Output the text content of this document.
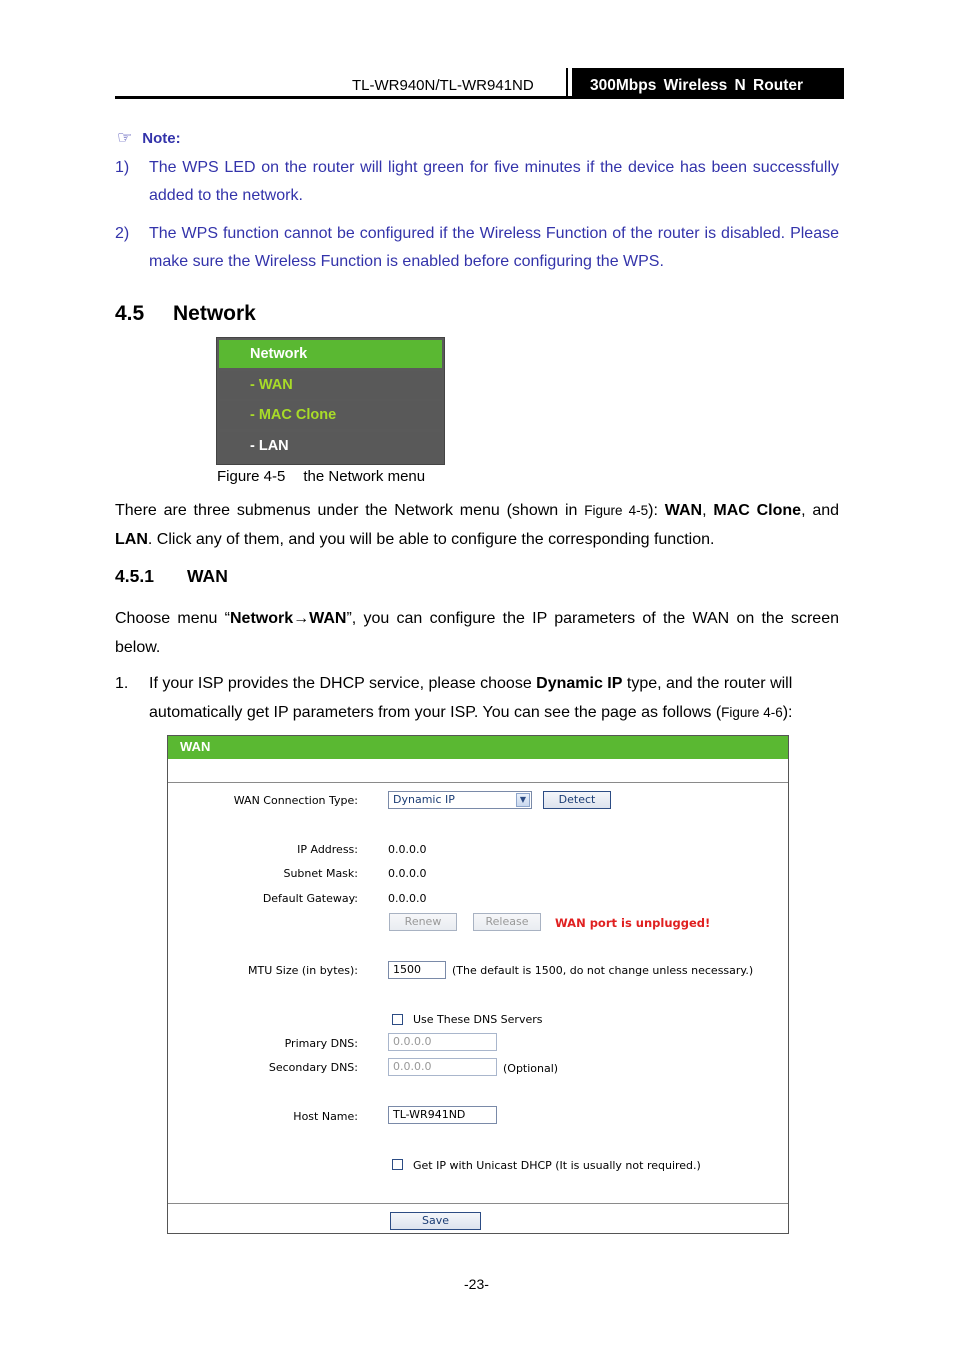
TL-WR940N/TL-WR941ND	300Mbps Wireless N Router
☞ Note:
1) The WPS LED on the router will light green for five minutes if the device has been successfully added to the network.
2) The WPS function cannot be configured if the Wireless Function of the router is disabled. Please make sure the Wireless Function is enabled before configuring the WPS.
4.5 Network
Network
- WAN
- MAC Clone
- LAN
Figure 4-5 the Network menu
There are three submenus under the Network menu (shown in Figure 4-5): WAN, MAC Clone, and LAN. Click any of them, and you will be able to configure the corresponding function.
4.5.1 WAN
Choose menu “Network→WAN”, you can configure the IP parameters of the WAN on the screen below.
1. If your ISP provides the DHCP service, please choose Dynamic IP type, and the router will automatically get IP parameters from your ISP. You can see the page as follows (Figure 4-6):
WAN
WAN Connection Type:	Dynamic IP	▼	Detect
IP Address:	0.0.0.0
Subnet Mask:	0.0.0.0
Default Gateway:	0.0.0.0
Renew	Release	WAN port is unplugged!
MTU Size (in bytes):	1500	(The default is 1500, do not change unless necessary.)
Use These DNS Servers
Primary DNS:	0.0.0.0
Secondary DNS:	0.0.0.0	(Optional)
Host Name:	TL-WR941ND
Get IP with Unicast DHCP (It is usually not required.)
Save
-23-
